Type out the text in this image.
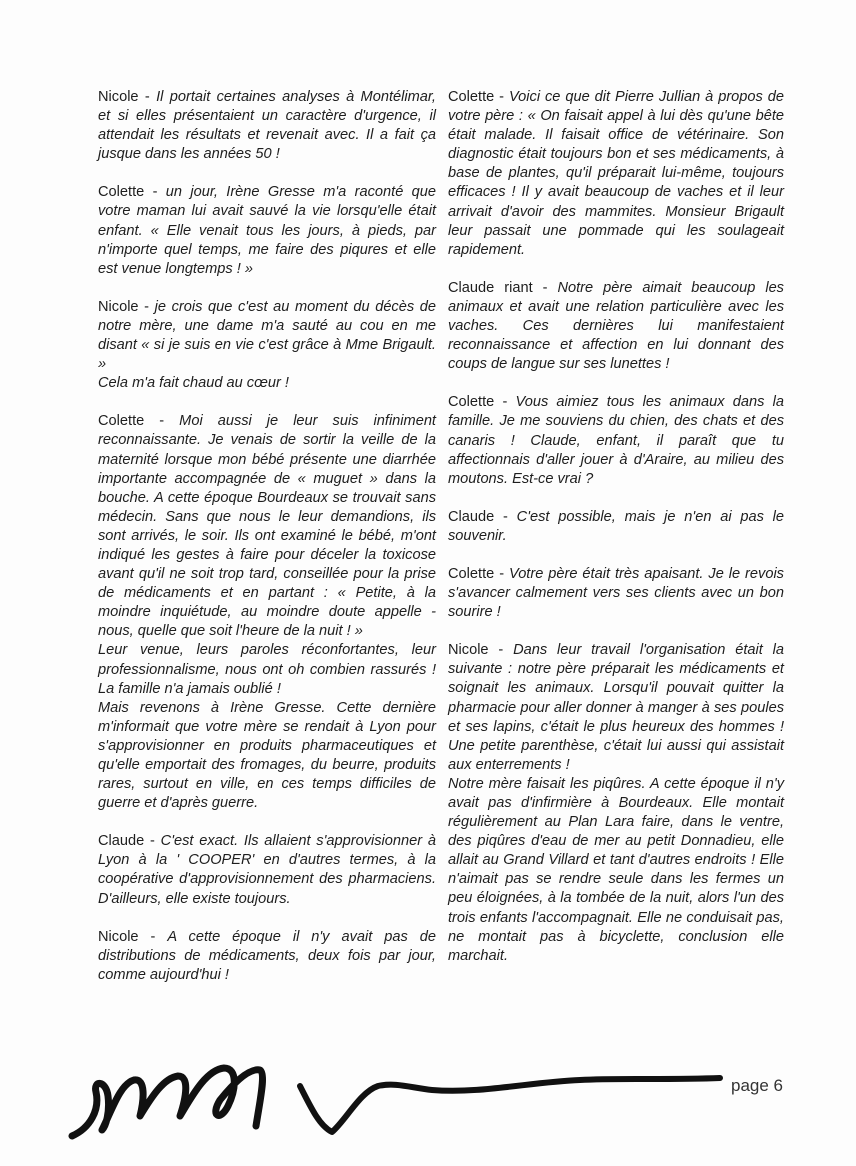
Nicole - Il portait certaines analyses à Montélimar, et si elles présentaient un caractère d'urgence, il attendait les résultats et revenait avec. Il a fait ça jusque dans les années 50 !

Colette - un jour, Irène Gresse m'a raconté que votre maman lui avait sauvé la vie lorsqu'elle était enfant. « Elle venait tous les jours, à pieds, par n'importe quel temps, me faire des piqures et elle est venue longtemps ! »

Nicole - je crois que c'est au moment du décès de notre mère, une dame m'a sauté au cou en me disant « si je suis en vie c'est grâce à Mme Brigault. »
Cela m'a fait chaud au cœur !

Colette - Moi aussi je leur suis infiniment reconnaissante. Je venais de sortir la veille de la maternité lorsque mon bébé présente une diarrhée importante accompagnée de « muguet » dans la bouche. A cette époque Bourdeaux se trouvait sans médecin. Sans que nous le leur demandions, ils sont arrivés, le soir. Ils ont examiné le bébé, m'ont indiqué les gestes à faire pour déceler la toxicose avant qu'il ne soit trop tard, conseillée pour la prise de médicaments et en partant : « Petite, à la moindre inquiétude, au moindre doute appelle - nous, quelle que soit l'heure de la nuit ! »
Leur venue, leurs paroles réconfortantes, leur professionnalisme, nous ont oh combien rassurés ! La famille n'a jamais oublié !
Mais revenons à Irène Gresse. Cette dernière m'informait que votre mère se rendait à Lyon pour s'approvisionner en produits pharmaceutiques et qu'elle emportait des fromages, du beurre, produits rares, surtout en ville, en ces temps difficiles de guerre et d'après guerre.

Claude - C'est exact. Ils allaient s'approvisionner à Lyon à la ' COOPER' en d'autres termes, à la coopérative d'approvisionnement des pharmaciens. D'ailleurs, elle existe toujours.

Nicole - A cette époque il n'y avait pas de distributions de médicaments, deux fois par jour, comme aujourd'hui !

Colette - Voici ce que dit Pierre Jullian à propos de votre père : « On faisait appel à lui dès qu'une bête était malade. Il faisait office de vétérinaire. Son diagnostic était toujours bon et ses médicaments, à base de plantes, qu'il préparait lui-même, toujours efficaces ! Il y avait beaucoup de vaches et il leur arrivait d'avoir des mammites. Monsieur Brigault leur passait une pommade qui les soulageait rapidement.

Claude riant - Notre père aimait beaucoup les animaux et avait une relation particulière avec les vaches. Ces dernières lui manifestaient reconnaissance et affection en lui donnant des coups de langue sur ses lunettes !

Colette - Vous aimiez tous les animaux dans la famille. Je me souviens du chien, des chats et des canaris ! Claude, enfant, il paraît que tu affectionnais d'aller jouer à d'Araire, au milieu des moutons. Est-ce vrai ?

Claude - C'est possible, mais je n'en ai pas le souvenir.

Colette - Votre père était très apaisant. Je le revois s'avancer calmement vers ses clients avec un bon sourire !

Nicole - Dans leur travail l'organisation était la suivante : notre père préparait les médicaments et soignait les animaux. Lorsqu'il pouvait quitter la pharmacie pour aller donner à manger à ses poules et ses lapins, c'était le plus heureux des hommes ! Une petite parenthèse, c'était lui aussi qui assistait aux enterrements !
Notre mère faisait les piqûres. A cette époque il n'y avait pas d'infirmière à Bourdeaux. Elle montait régulièrement au Plan Lara faire, dans le ventre, des piqûres d'eau de mer au petit Donnadieu, elle allait au Grand Villard et tant d'autres endroits ! Elle n'aimait pas se rendre seule dans les fermes un peu éloignées, à la tombée de la nuit, alors l'un des trois enfants l'accompagnait. Elle ne conduisait pas, ne montait pas à bicyclette, conclusion elle marchait.

page 6
